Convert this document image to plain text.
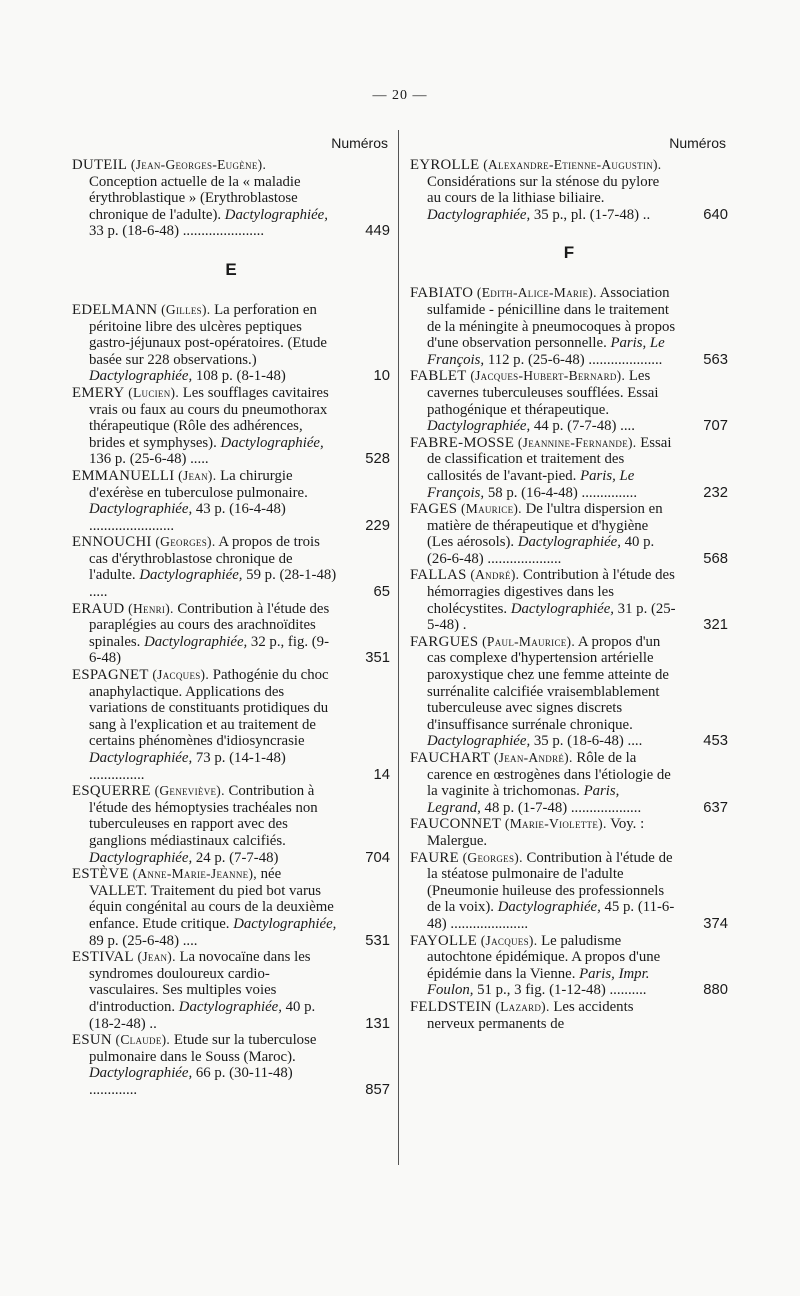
— 20 —
Numéros
DUTEIL (Jean-Georges-Eugène). Conception actuelle de la « maladie érythroblastique » (Erythroblastose chronique de l'adulte). Dactylographiée, 33 p. (18-6-48) ......................	449
E
EDELMANN (Gilles). La perforation en péritoine libre des ulcères peptiques gastro-jéjunaux post-opératoires. (Etude basée sur 228 observations.) Dactylographiée, 108 p. (8-1-48)	10
EMERY (Lucien). Les soufflages cavitaires vrais ou faux au cours du pneumothorax thérapeutique (Rôle des adhérences, brides et symphyses). Dactylographiée, 136 p. (25-6-48) .....	528
EMMANUELLI (Jean). La chirurgie d'exérèse en tuberculose pulmonaire. Dactylographiée, 43 p. (16-4-48) .......................	229
ENNOUCHI (Georges). A propos de trois cas d'érythroblastose chronique de l'adulte. Dactylographiée, 59 p. (28-1-48) .....	65
ERAUD (Henri). Contribution à l'étude des paraplégies au cours des arachnoïdites spinales. Dactylographiée, 32 p., fig. (9-6-48)	351
ESPAGNET (Jacques). Pathogénie du choc anaphylactique. Applications des variations de constituants protidiques du sang à l'explication et au traitement de certains phénomènes d'idiosyncrasie Dactylographiée, 73 p. (14-1-48) ...............	14
ESQUERRE (Geneviève). Contribution à l'étude des hémoptysies trachéales non tuberculeuses en rapport avec des ganglions médiastinaux calcifiés. Dactylographiée, 24 p. (7-7-48)	704
ESTÈVE (Anne-Marie-Jeanne), née VALLET. Traitement du pied bot varus équin congénital au cours de la deuxième enfance. Etude critique. Dactylographiée, 89 p. (25-6-48) ....	531
ESTIVAL (Jean). La novocaïne dans les syndromes douloureux cardio-vasculaires. Ses multiples voies d'introduction. Dactylographiée, 40 p. (18-2-48) ..	131
ESUN (Claude). Etude sur la tuberculose pulmonaire dans le Souss (Maroc). Dactylographiée, 66 p. (30-11-48) .............	857
Numéros
EYROLLE (Alexandre-Etienne-Augustin). Considérations sur la sténose du pylore au cours de la lithiase biliaire. Dactylographiée, 35 p., pl. (1-7-48) ..	640
F
FABIATO (Edith-Alice-Marie). Association sulfamide - pénicilline dans le traitement de la méningite à pneumocoques à propos d'une observation personnelle. Paris, Le François, 112 p. (25-6-48) ....................	563
FABLET (Jacques-Hubert-Bernard). Les cavernes tuberculeuses soufflées. Essai pathogénique et thérapeutique. Dactylographiée, 44 p. (7-7-48) ....	707
FABRE-MOSSE (Jeannine-Fernande). Essai de classification et traitement des callosités de l'avant-pied. Paris, Le François, 58 p. (16-4-48) ...............	232
FAGES (Maurice). De l'ultra dispersion en matière de thérapeutique et d'hygiène (Les aérosols). Dactylographiée, 40 p. (26-6-48) ....................	568
FALLAS (André). Contribution à l'étude des hémorragies digestives dans les cholécystites. Dactylographiée, 31 p. (25-5-48) .	321
FARGUES (Paul-Maurice). A propos d'un cas complexe d'hypertension artérielle paroxystique chez une femme atteinte de surrénalite calcifiée vraisemblablement tuberculeuse avec signes discrets d'insuffisance surrénale chronique. Dactylographiée, 35 p. (18-6-48) ....	453
FAUCHART (Jean-André). Rôle de la carence en œstrogènes dans l'étiologie de la vaginite à trichomonas. Paris, Legrand, 48 p. (1-7-48) ...................	637
FAUCONNET (Marie-Violette). Voy. : Malergue.
FAURE (Georges). Contribution à l'étude de la stéatose pulmonaire de l'adulte (Pneumonie huileuse des professionnels de la voix). Dactylographiée, 45 p. (11-6-48) .....................	374
FAYOLLE (Jacques). Le paludisme autochtone épidémique. A propos d'une épidémie dans la Vienne. Paris, Impr. Foulon, 51 p., 3 fig. (1-12-48) ..........	880
FELDSTEIN (Lazard). Les accidents nerveux permanents de
